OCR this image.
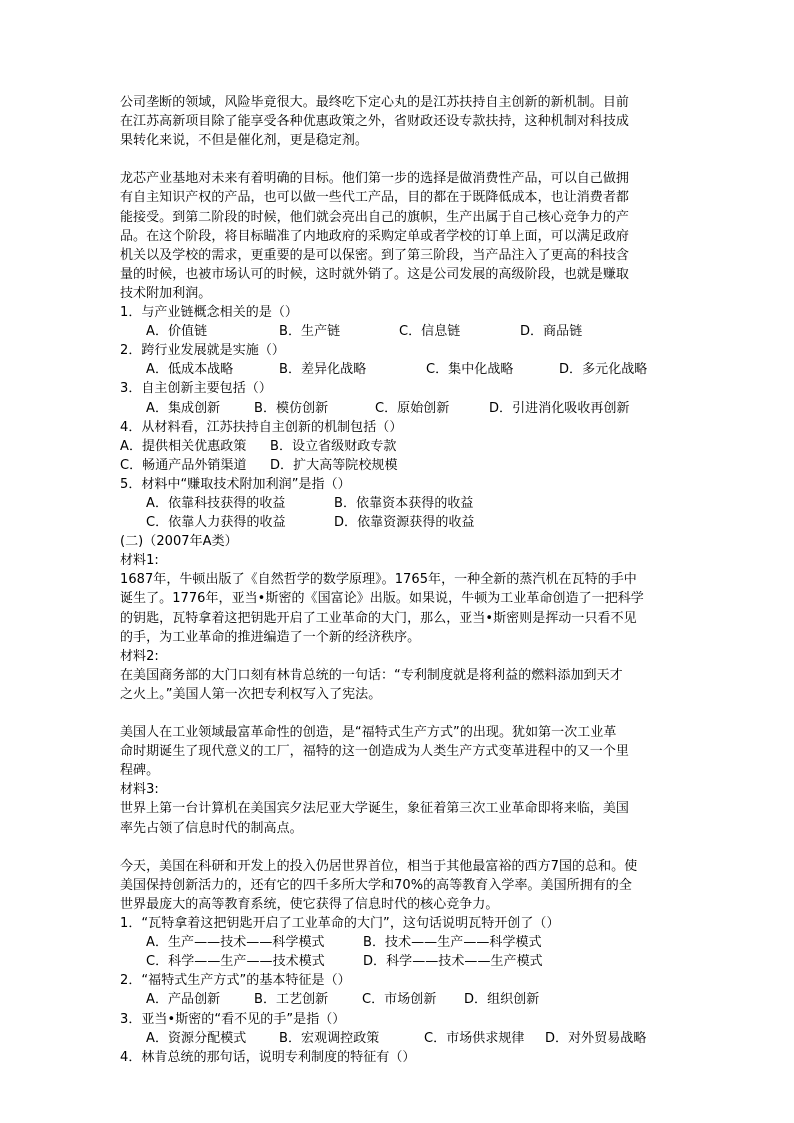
公司垄断的领域，风险毕竟很大。最终吃下定心丸的是江苏扶持自主创新的新机制。目前
在江苏高新项目除了能享受各种优惠政策之外，省财政还设专款扶持，这种机制对科技成
果转化来说，不但是催化剂，更是稳定剂。
龙芯产业基地对未来有着明确的目标。他们第一步的选择是做消费性产品，可以自己做拥
有自主知识产权的产品，也可以做一些代工产品，目的都在于既降低成本，也让消费者都
能接受。到第二阶段的时候，他们就会亮出自己的旗帜，生产出属于自己核心竞争力的产
品。在这个阶段，将目标瞄准了内地政府的采购定单或者学校的订单上面，可以满足政府
机关以及学校的需求，更重要的是可以保密。到了第三阶段，当产品注入了更高的科技含
量的时候，也被市场认可的时候，这时就外销了。这是公司发展的高级阶段，也就是赚取
技术附加利润。
1．与产业链概念相关的是（）
A．价值链	B．生产链	C．信息链	D．商品链
2．跨行业发展就是实施（）
A．低成本战略	B．差异化战略	C．集中化战略	D．多元化战略
3．自主创新主要包括（）
A．集成创新	B．模仿创新	C．原始创新	D．引进消化吸收再创新
4．从材料看，江苏扶持自主创新的机制包括（）
A．提供相关优惠政策	B．设立省级财政专款
C．畅通产品外销渠道	D．扩大高等院校规模
5．材料中“赚取技术附加利润”是指（）
A．依靠科技获得的收益	B．依靠资本获得的收益
C．依靠人力获得的收益	D．依靠资源获得的收益
(二)（2007年A类）
材料1:
1687年，牛顿出版了《自然哲学的数学原理》。1765年，一种全新的蒸汽机在瓦特的手中
诞生了。1776年，亚当•斯密的《国富论》出版。如果说，牛顿为工业革命创造了一把科学
的钥匙，瓦特拿着这把钥匙开启了工业革命的大门，那么，亚当•斯密则是挥动一只看不见
的手，为工业革命的推进编造了一个新的经济秩序。
材料2:
在美国商务部的大门口刻有林肯总统的一句话：“专利制度就是将利益的燃料添加到天才
之火上。”美国人第一次把专利权写入了宪法。
美国人在工业领域最富革命性的创造，是“福特式生产方式”的出现。犹如第一次工业革
命时期诞生了现代意义的工厂，福特的这一创造成为人类生产方式变革进程中的又一个里
程碑。
材料3:
世界上第一台计算机在美国宾夕法尼亚大学诞生，象征着第三次工业革命即将来临，美国
率先占领了信息时代的制高点。
今天，美国在科研和开发上的投入仍居世界首位，相当于其他最富裕的西方7国的总和。使
美国保持创新活力的，还有它的四千多所大学和70%的高等教育入学率。美国所拥有的全
世界最庞大的高等教育系统，使它获得了信息时代的核心竞争力。
1．“瓦特拿着这把钥匙开启了工业革命的大门”，这句话说明瓦特开创了（）
A．生产——技术——科学模式	B．技术——生产——科学模式
C．科学——生产——技术模式	D．科学——技术——生产模式
2．“福特式生产方式”的基本特征是（）
A．产品创新	B．工艺创新	C．市场创新	D．组织创新
3．亚当•斯密的“看不见的手”是指（）
A．资源分配模式	B．宏观调控政策	C．市场供求规律	D．对外贸易战略
4．林肯总统的那句话，说明专利制度的特征有（）
